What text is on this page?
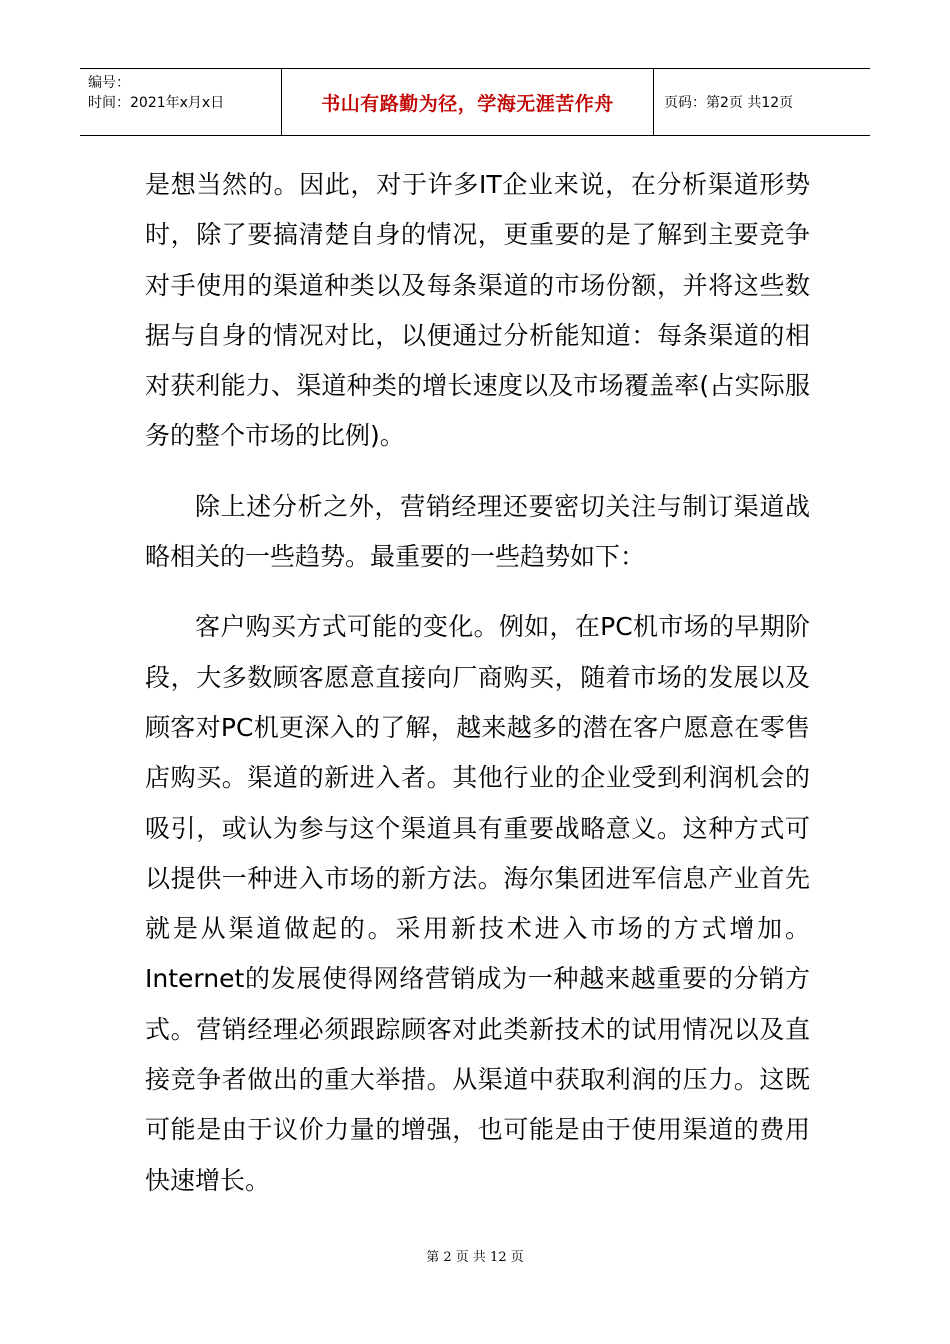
编号：
时间：2021年x月x日	书山有路勤为径，学海无涯苦作舟	页码：第2页 共12页

是想当然的。因此，对于许多IT企业来说，在分析渠道形势时，除了要搞清楚自身的情况，更重要的是了解到主要竞争对手使用的渠道种类以及每条渠道的市场份额，并将这些数据与自身的情况对比，以便通过分析能知道：每条渠道的相对获利能力、渠道种类的增长速度以及市场覆盖率(占实际服务的整个市场的比例)。

除上述分析之外，营销经理还要密切关注与制订渠道战略相关的一些趋势。最重要的一些趋势如下：

客户购买方式可能的变化。例如，在PC机市场的早期阶段，大多数顾客愿意直接向厂商购买，随着市场的发展以及顾客对PC机更深入的了解，越来越多的潜在客户愿意在零售店购买。渠道的新进入者。其他行业的企业受到利润机会的吸引，或认为参与这个渠道具有重要战略意义。这种方式可以提供一种进入市场的新方法。海尔集团进军信息产业首先就是从渠道做起的。采用新技术进入市场的方式增加。Internet的发展使得网络营销成为一种越来越重要的分销方式。营销经理必须跟踪顾客对此类新技术的试用情况以及直接竞争者做出的重大举措。从渠道中获取利润的压力。这既可能是由于议价力量的增强，也可能是由于使用渠道的费用快速增长。

第 2 页 共 12 页
